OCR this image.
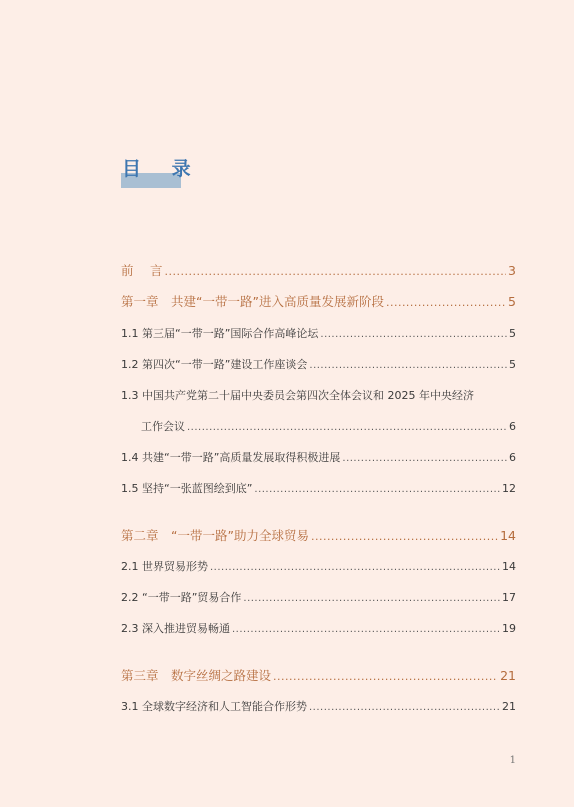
目 录
前　 言 .....	3
第一章　共建“一带一路”进入高质量发展新阶段 .....	5
1.1 第三届“一带一路”国际合作高峰论坛 .....	5
1.2 第四次“一带一路”建设工作座谈会 .....	5
1.3 中国共产党第二十届中央委员会第四次全体会议和 2025 年中央经济
工作会议 .....	6
1.4 共建“一带一路”高质量发展取得积极进展 .....	6
1.5 坚持“一张蓝图绘到底” .....	12
第二章　“一带一路”助力全球贸易 .....	14
2.1 世界贸易形势 .....	14
2.2 “一带一路”贸易合作 .....	17
2.3 深入推进贸易畅通 .....	19
第三章　数字丝绸之路建设 .....	21
3.1 全球数字经济和人工智能合作形势 .....	21
1
